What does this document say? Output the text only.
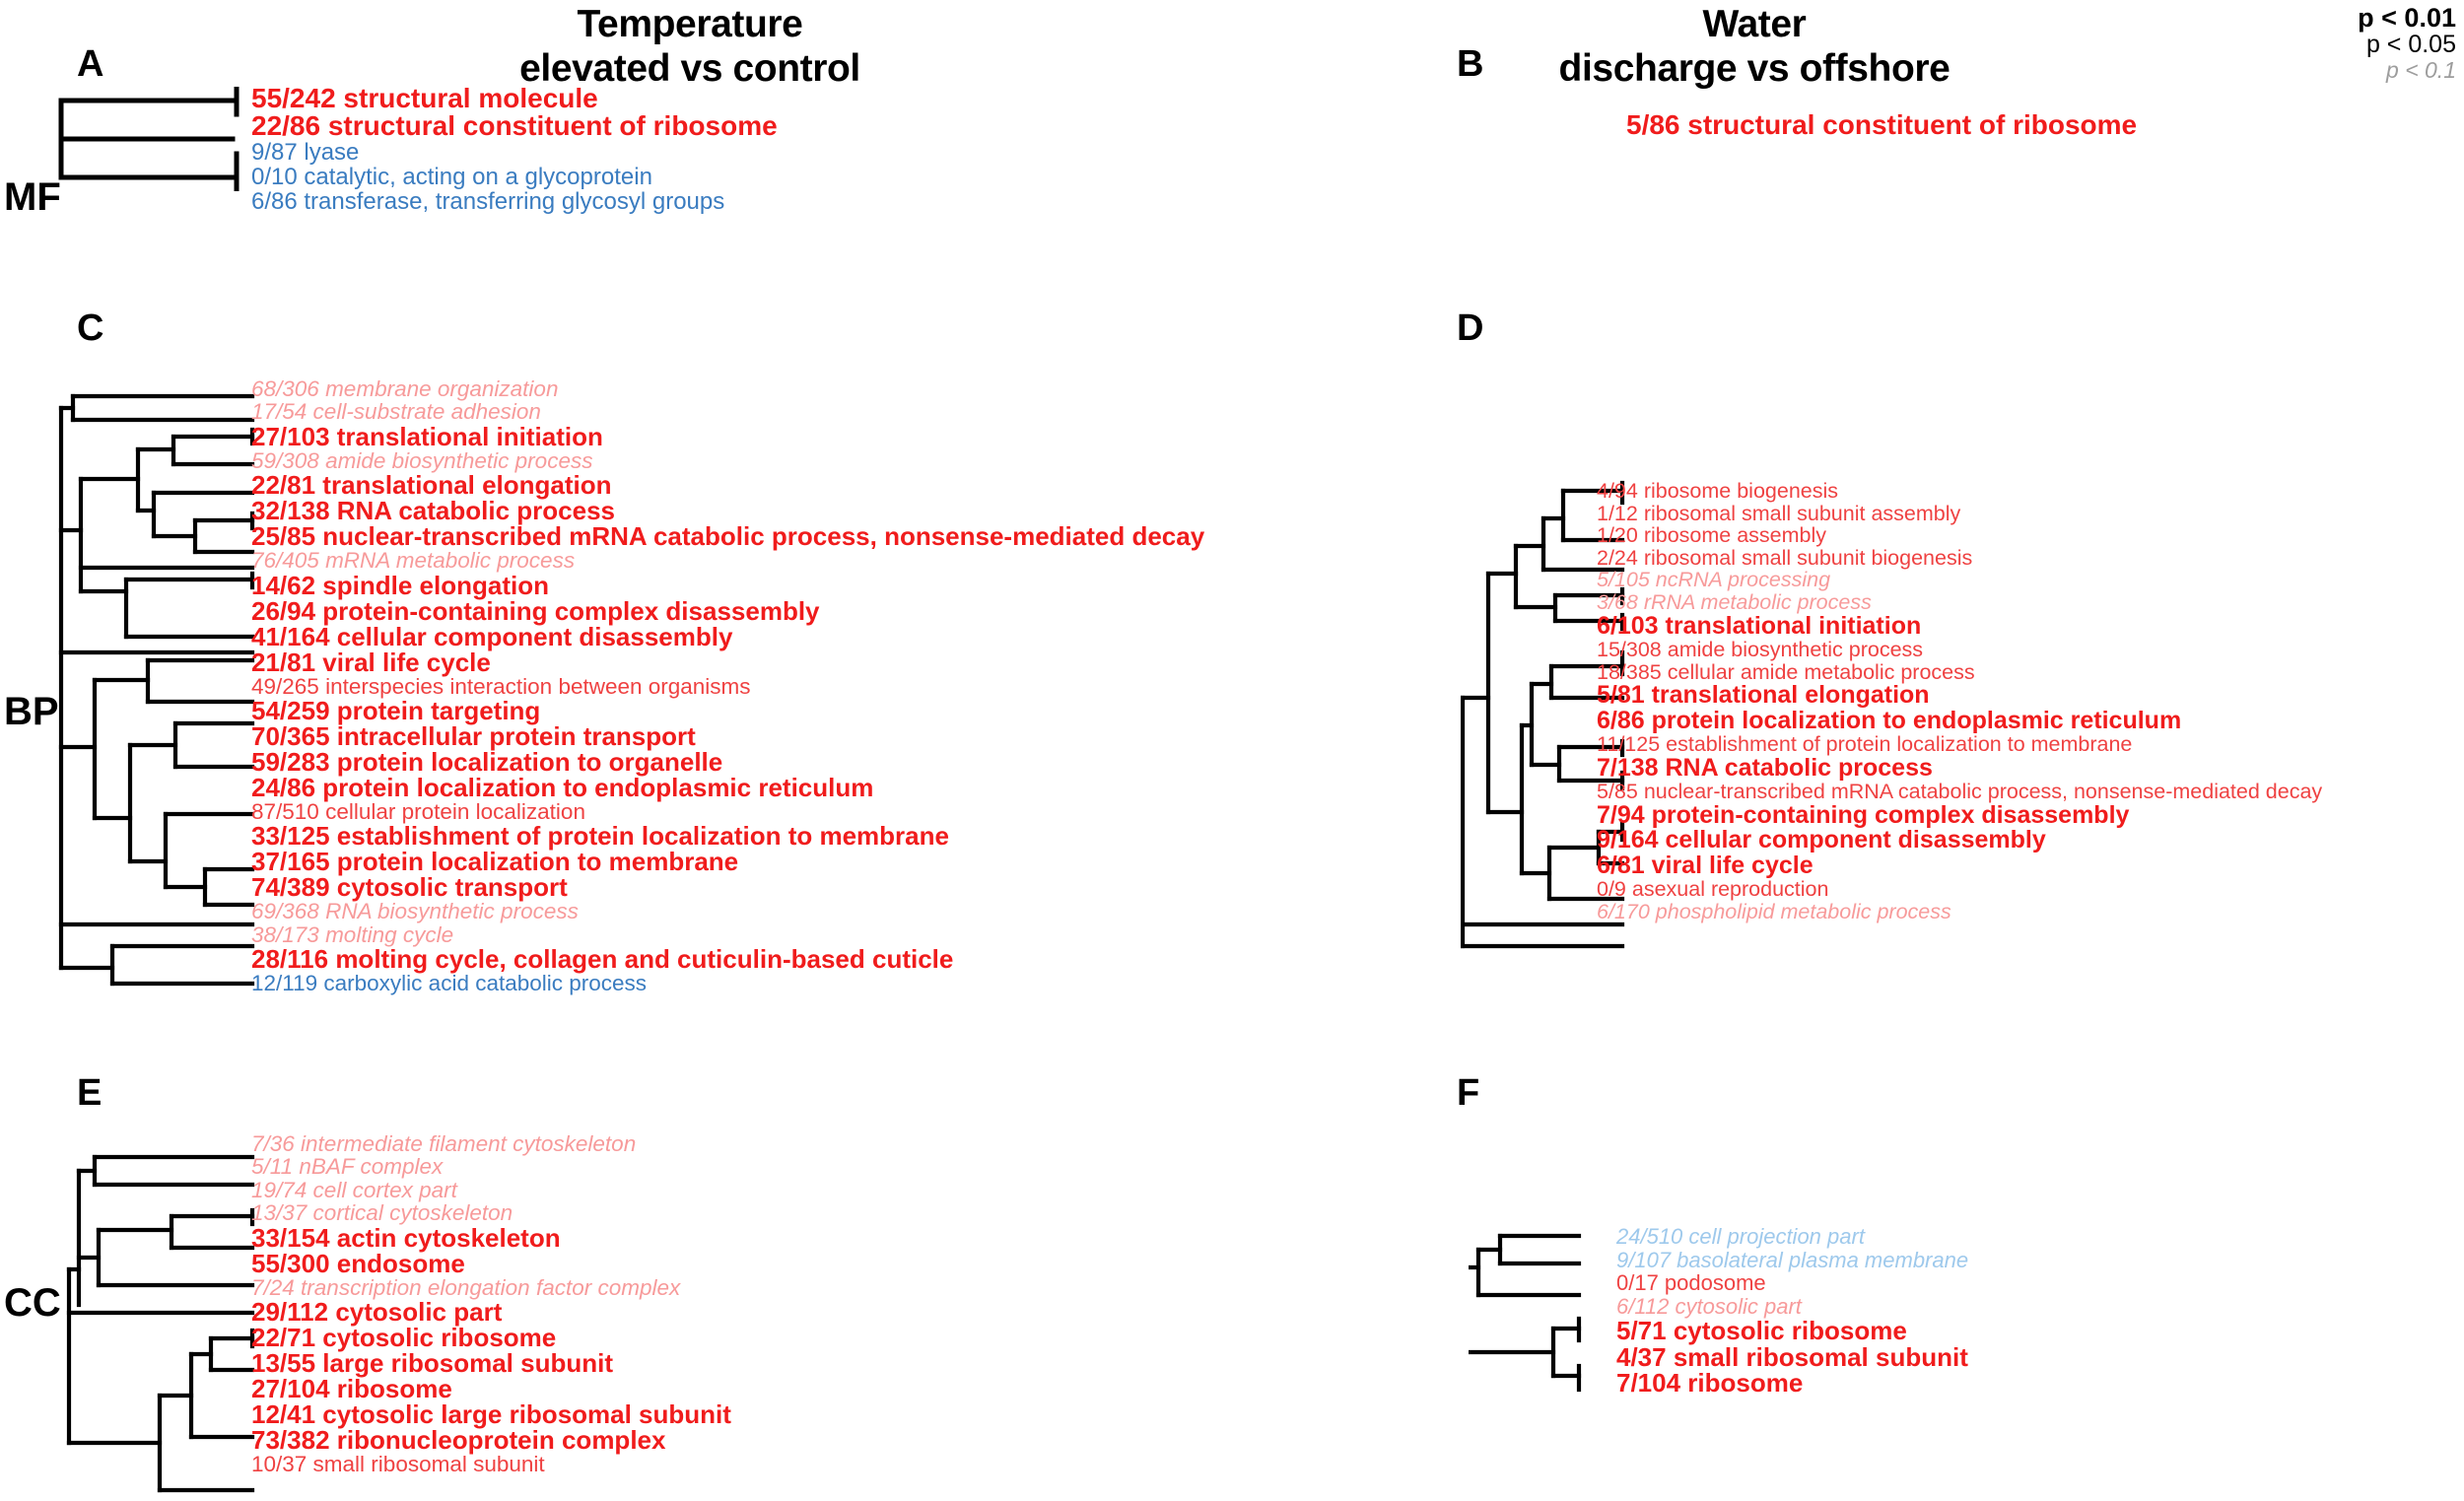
Temperature
elevated vs control
Water
discharge vs offshore
p < 0.01
p < 0.05
p < 0.1
A	B
C	D
E	F
MF
BP
CC
55/242 structural molecule
22/86 structural constituent of ribosome
9/87 lyase
0/10 catalytic, acting on a glycoprotein
6/86 transferase, transferring glycosyl groups
5/86 structural constituent of ribosome
68/306 membrane organization
17/54 cell-substrate adhesion
27/103 translational initiation
59/308 amide biosynthetic process
22/81 translational elongation
32/138 RNA catabolic process
25/85 nuclear-transcribed mRNA catabolic process, nonsense-mediated decay
76/405 mRNA metabolic process
14/62 spindle elongation
26/94 protein-containing complex disassembly
41/164 cellular component disassembly
21/81 viral life cycle
49/265 interspecies interaction between organisms
54/259 protein targeting
70/365 intracellular protein transport
59/283 protein localization to organelle
24/86 protein localization to endoplasmic reticulum
87/510 cellular protein localization
33/125 establishment of protein localization to membrane
37/165 protein localization to membrane
74/389 cytosolic transport
69/368 RNA biosynthetic process
38/173 molting cycle
28/116 molting cycle, collagen and cuticulin-based cuticle
12/119 carboxylic acid catabolic process
4/94 ribosome biogenesis
1/12 ribosomal small subunit assembly
1/20 ribosome assembly
2/24 ribosomal small subunit biogenesis
5/105 ncRNA processing
3/68 rRNA metabolic process
6/103 translational initiation
15/308 amide biosynthetic process
18/385 cellular amide metabolic process
5/81 translational elongation
6/86 protein localization to endoplasmic reticulum
11/125 establishment of protein localization to membrane
7/138 RNA catabolic process
5/85 nuclear-transcribed mRNA catabolic process, nonsense-mediated decay
7/94 protein-containing complex disassembly
9/164 cellular component disassembly
6/81 viral life cycle
0/9 asexual reproduction
6/170 phospholipid metabolic process
7/36 intermediate filament cytoskeleton
5/11 nBAF complex
19/74 cell cortex part
13/37 cortical cytoskeleton
33/154 actin cytoskeleton
55/300 endosome
7/24 transcription elongation factor complex
29/112 cytosolic part
22/71 cytosolic ribosome
13/55 large ribosomal subunit
27/104 ribosome
12/41 cytosolic large ribosomal subunit
73/382 ribonucleoprotein complex
10/37 small ribosomal subunit
24/510 cell projection part
9/107 basolateral plasma membrane
0/17 podosome
6/112 cytosolic part
5/71 cytosolic ribosome
4/37 small ribosomal subunit
7/104 ribosome
